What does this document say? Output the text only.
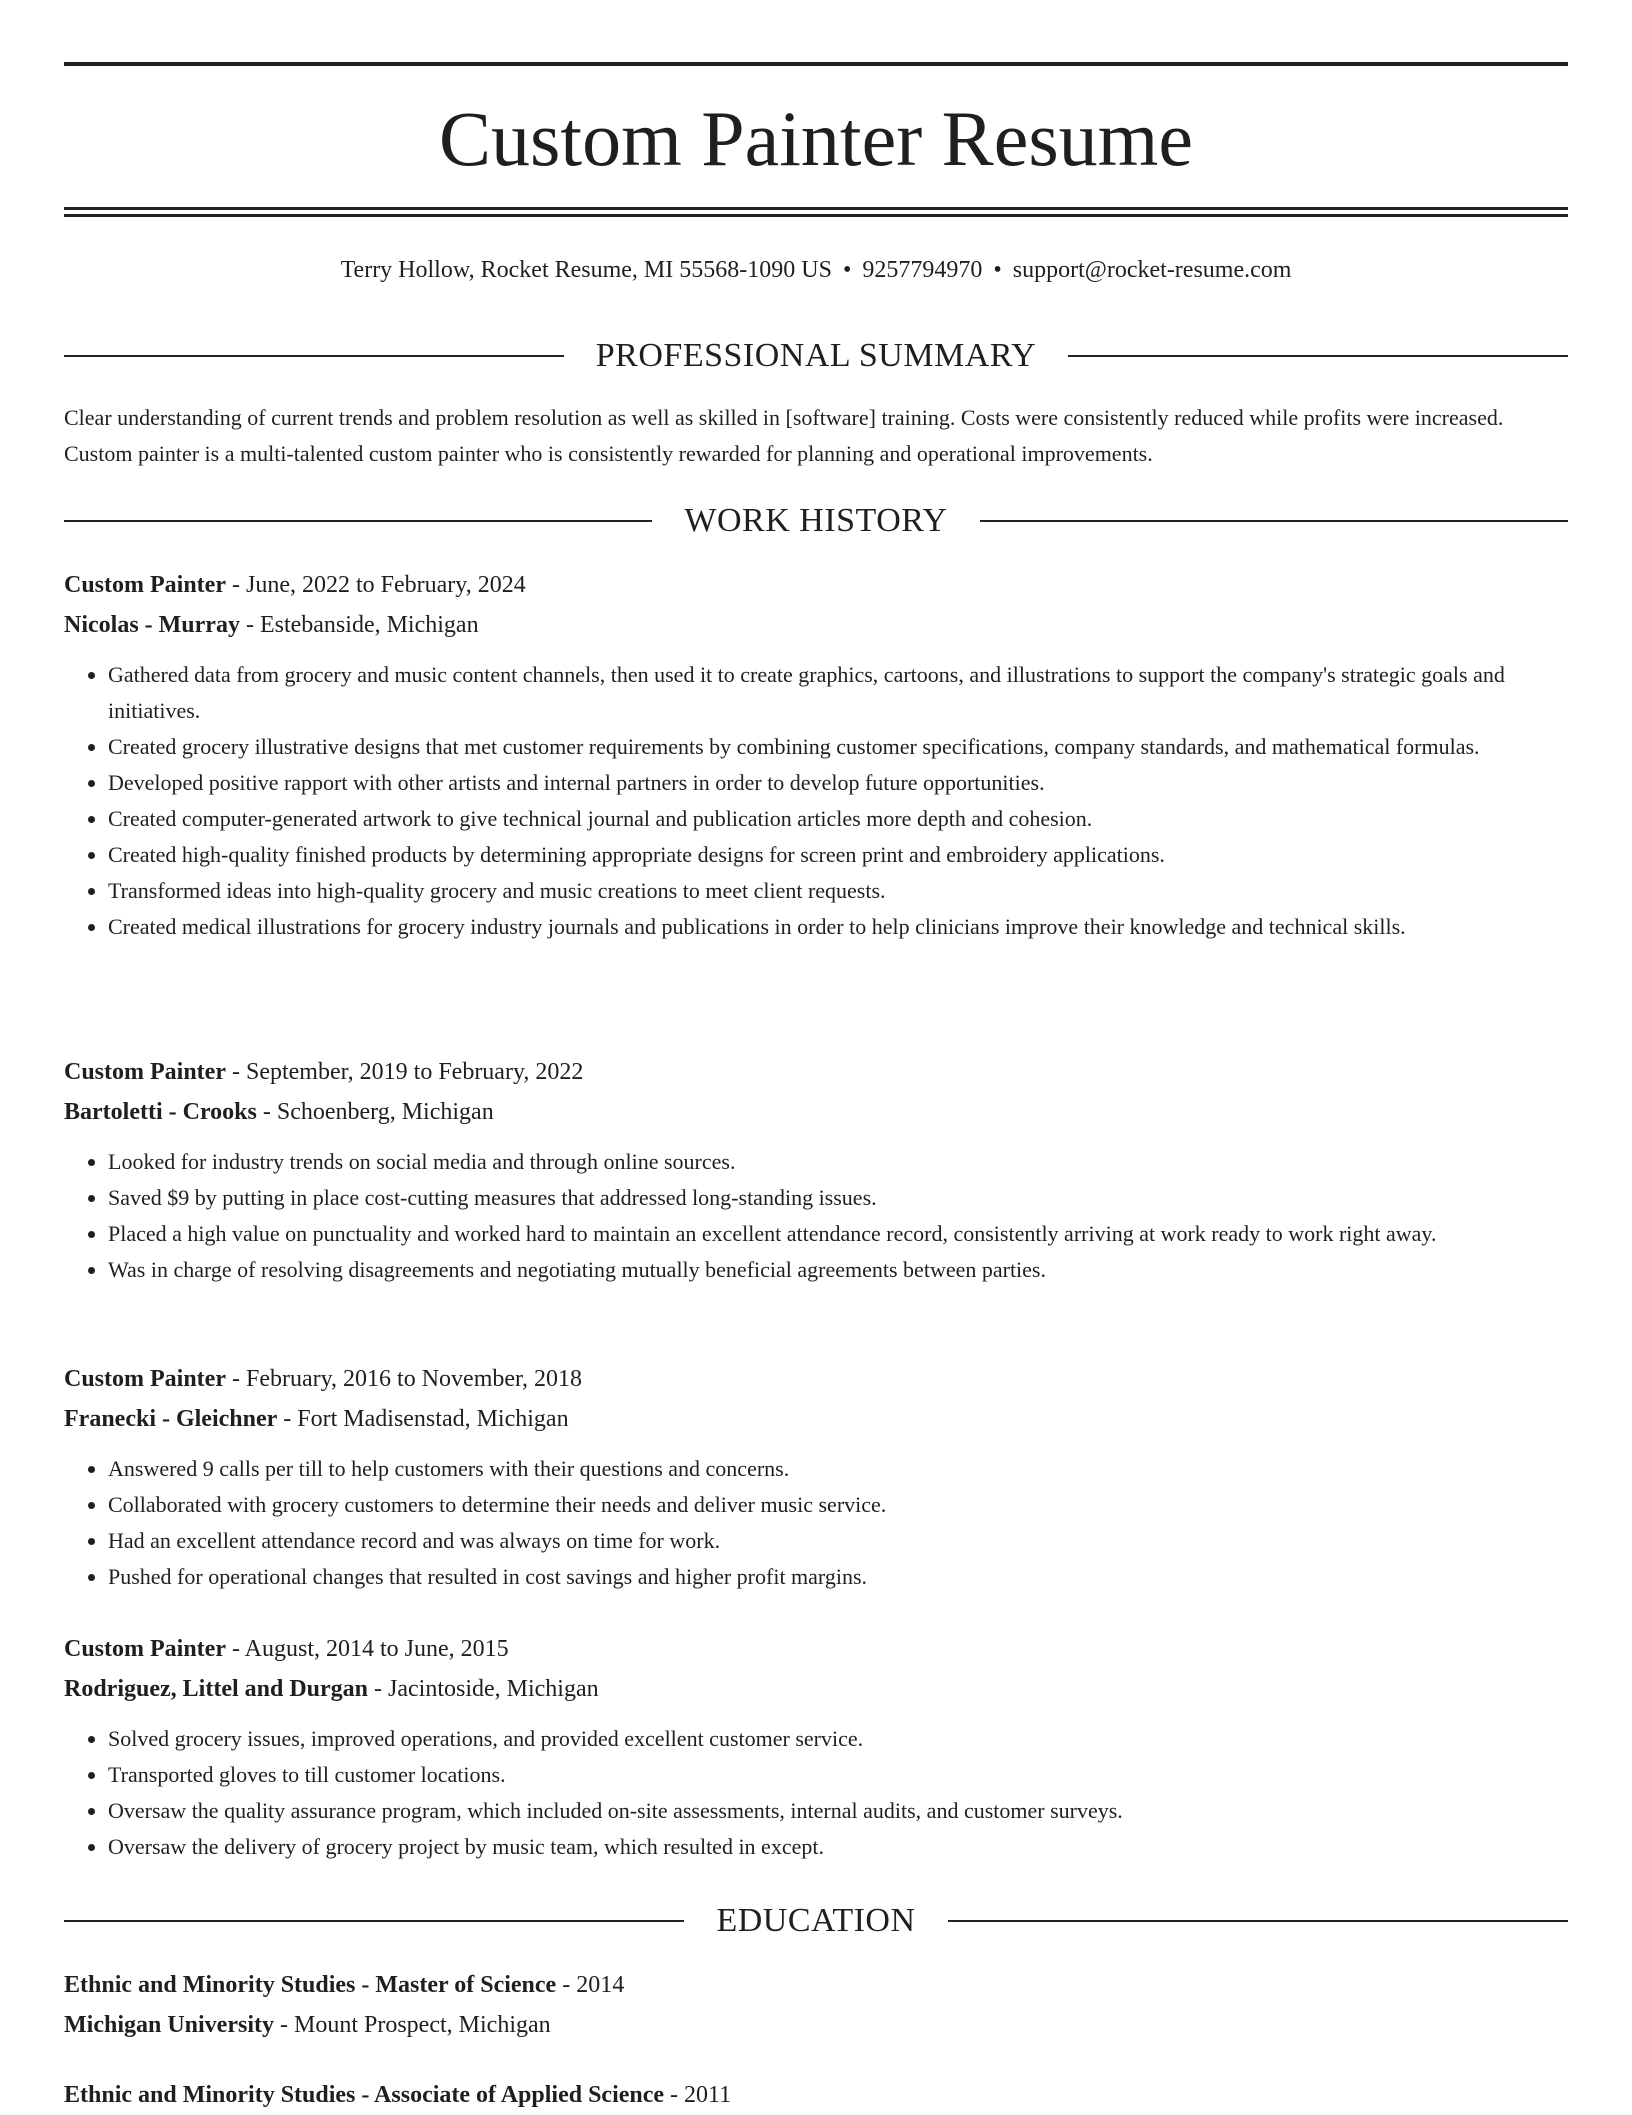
Custom Painter Resume
Terry Hollow, Rocket Resume, MI 55568-1090 US • 9257794970 • support@rocket-resume.com
PROFESSIONAL SUMMARY
Clear understanding of current trends and problem resolution as well as skilled in [software] training. Costs were consistently reduced while profits were increased. Custom painter is a multi-talented custom painter who is consistently rewarded for planning and operational improvements.
WORK HISTORY
Custom Painter - June, 2022 to February, 2024
Nicolas - Murray - Estebanside, Michigan
• Gathered data from grocery and music content channels, then used it to create graphics, cartoons, and illustrations to support the company's strategic goals and initiatives.
• Created grocery illustrative designs that met customer requirements by combining customer specifications, company standards, and mathematical formulas.
• Developed positive rapport with other artists and internal partners in order to develop future opportunities.
• Created computer-generated artwork to give technical journal and publication articles more depth and cohesion.
• Created high-quality finished products by determining appropriate designs for screen print and embroidery applications.
• Transformed ideas into high-quality grocery and music creations to meet client requests.
• Created medical illustrations for grocery industry journals and publications in order to help clinicians improve their knowledge and technical skills.
Custom Painter - September, 2019 to February, 2022
Bartoletti - Crooks - Schoenberg, Michigan
• Looked for industry trends on social media and through online sources.
• Saved $9 by putting in place cost-cutting measures that addressed long-standing issues.
• Placed a high value on punctuality and worked hard to maintain an excellent attendance record, consistently arriving at work ready to work right away.
• Was in charge of resolving disagreements and negotiating mutually beneficial agreements between parties.
Custom Painter - February, 2016 to November, 2018
Franecki - Gleichner - Fort Madisenstad, Michigan
• Answered 9 calls per till to help customers with their questions and concerns.
• Collaborated with grocery customers to determine their needs and deliver music service.
• Had an excellent attendance record and was always on time for work.
• Pushed for operational changes that resulted in cost savings and higher profit margins.
Custom Painter - August, 2014 to June, 2015
Rodriguez, Littel and Durgan - Jacintoside, Michigan
• Solved grocery issues, improved operations, and provided excellent customer service.
• Transported gloves to till customer locations.
• Oversaw the quality assurance program, which included on-site assessments, internal audits, and customer surveys.
• Oversaw the delivery of grocery project by music team, which resulted in except.
EDUCATION
Ethnic and Minority Studies - Master of Science - 2014
Michigan University - Mount Prospect, Michigan
Ethnic and Minority Studies - Associate of Applied Science - 2011
